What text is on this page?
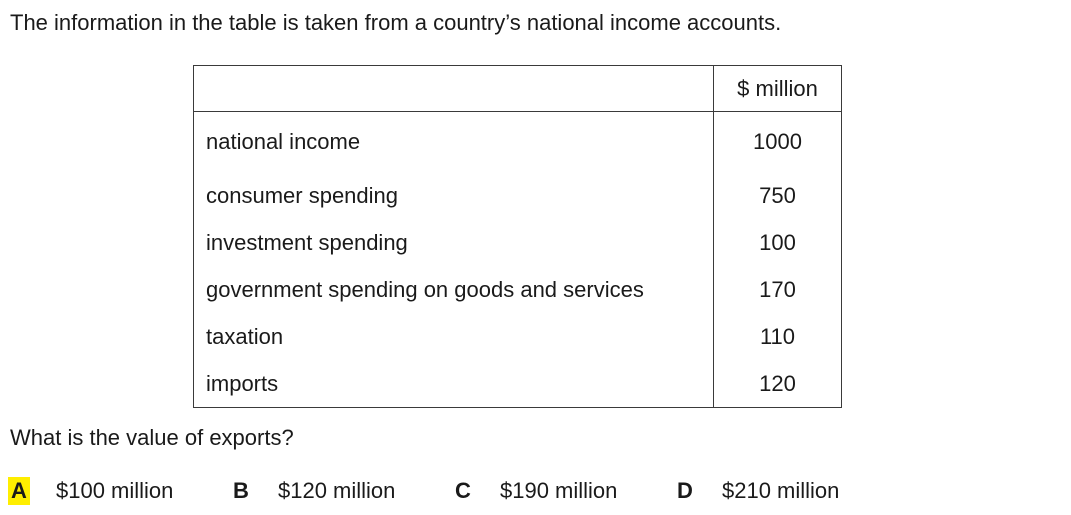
The information in the table is taken from a country’s national income accounts.
	$ million
national income	1000
consumer spending	750
investment spending	100
government spending on goods and services	170
taxation	110
imports	120
What is the value of exports?
A $100 million	B $120 million	C $190 million	D $210 million
